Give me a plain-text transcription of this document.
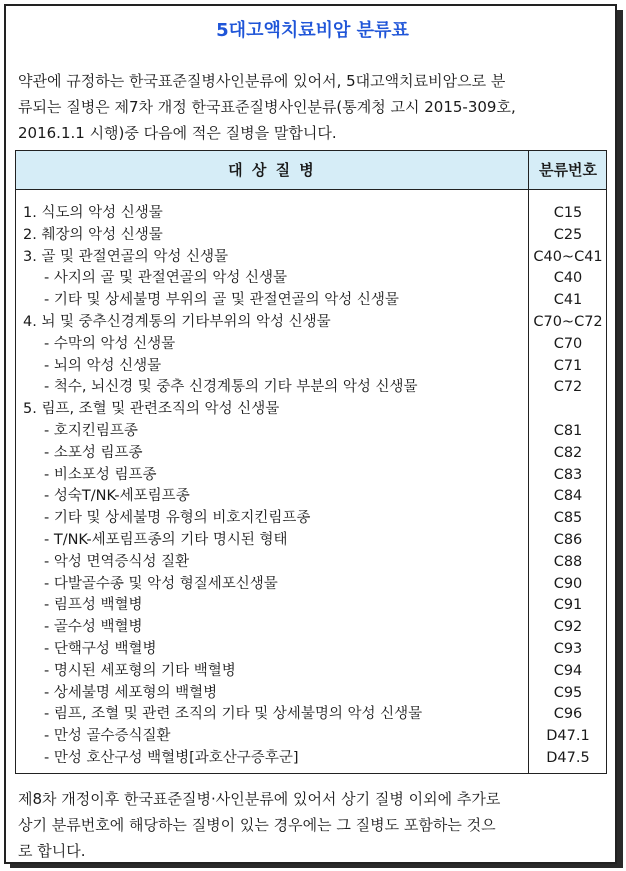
5대고액치료비암 분류표
약관에 규정하는 한국표준질병사인분류에 있어서, 5대고액치료비암으로 분
류되는 질병은 제7차 개정 한국표준질병사인분류(통계청 고시 2015-309호,
2016.1.1 시행)중 다음에 적은 질병을 말합니다.
대 상 질 병	분류번호
1. 식도의 악성 신생물	C15
2. 췌장의 악성 신생물	C25
3. 골 및 관절연골의 악성 신생물	C40~C41
- 사지의 골 및 관절연골의 악성 신생물	C40
- 기타 및 상세불명 부위의 골 및 관절연골의 악성 신생물	C41
4. 뇌 및 중추신경계통의 기타부위의 악성 신생물	C70~C72
- 수막의 악성 신생물	C70
- 뇌의 악성 신생물	C71
- 척수, 뇌신경 및 중추 신경계통의 기타 부분의 악성 신생물	C72
5. 림프, 조혈 및 관련조직의 악성 신생물
- 호지킨림프종	C81
- 소포성 림프종	C82
- 비소포성 림프종	C83
- 성숙T/NK-세포림프종	C84
- 기타 및 상세불명 유형의 비호지킨림프종	C85
- T/NK-세포림프종의 기타 명시된 형태	C86
- 악성 면역증식성 질환	C88
- 다발골수종 및 악성 형질세포신생물	C90
- 림프성 백혈병	C91
- 골수성 백혈병	C92
- 단핵구성 백혈병	C93
- 명시된 세포형의 기타 백혈병	C94
- 상세불명 세포형의 백혈병	C95
- 림프, 조혈 및 관련 조직의 기타 및 상세불명의 악성 신생물	C96
- 만성 골수증식질환	D47.1
- 만성 호산구성 백혈병[과호산구증후군]	D47.5
제8차 개정이후 한국표준질병·사인분류에 있어서 상기 질병 이외에 추가로
상기 분류번호에 해당하는 질병이 있는 경우에는 그 질병도 포함하는 것으
로 합니다.
